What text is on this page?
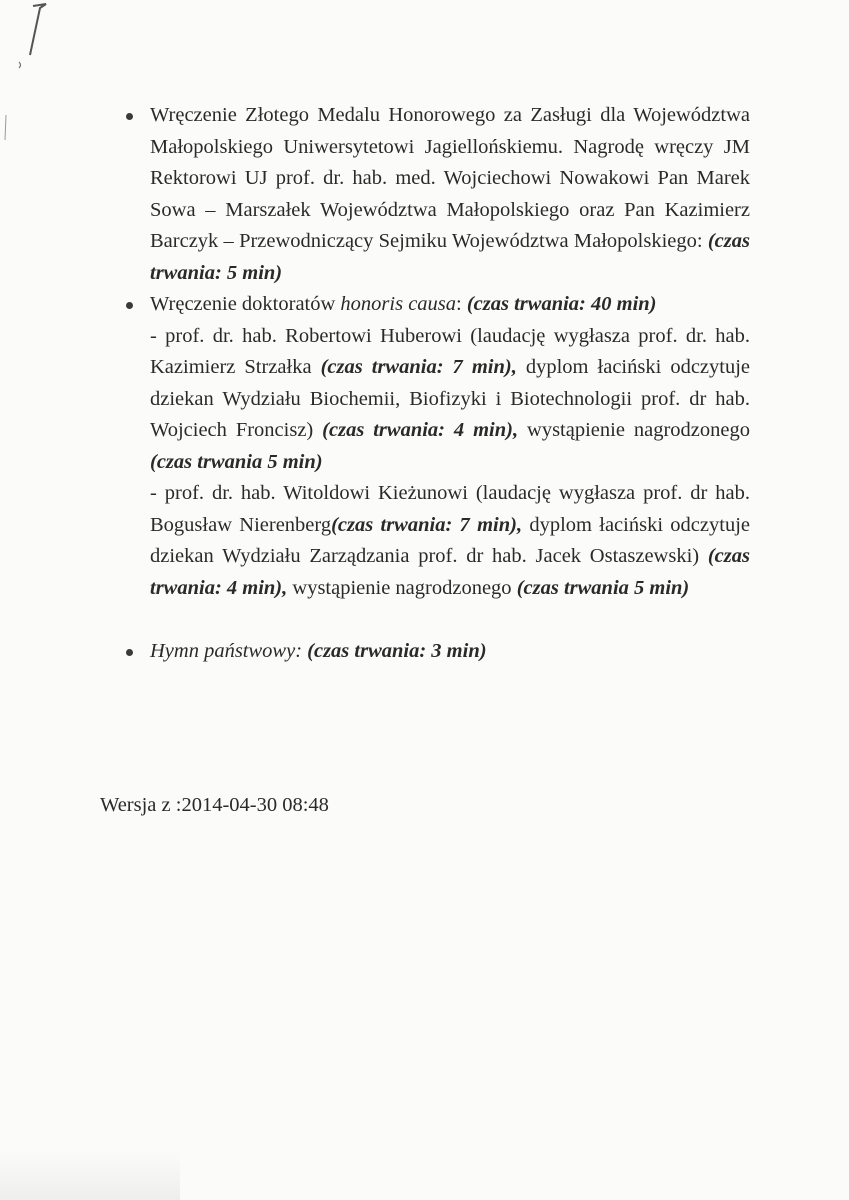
Wręczenie Złotego Medalu Honorowego za Zasługi dla Województwa Małopolskiego Uniwersytetowi Jagiellońskiemu. Nagrodę wręczy JM Rektorowi UJ prof. dr. hab. med. Wojciechowi Nowakowi Pan Marek Sowa – Marszałek Województwa Małopolskiego oraz Pan Kazimierz Barczyk – Przewodniczący Sejmiku Województwa Małopolskiego: (czas trwania: 5 min)
Wręczenie doktoratów honoris causa: (czas trwania: 40 min)
- prof. dr. hab. Robertowi Huberowi (laudację wygłasza prof. dr. hab. Kazimierz Strzałka (czas trwania: 7 min), dyplom łaciński odczytuje dziekan Wydziału Biochemii, Biofizyki i Biotechnologii prof. dr hab. Wojciech Froncisz) (czas trwania: 4 min), wystąpienie nagrodzonego (czas trwania 5 min)
- prof. dr. hab. Witoldowi Kieżunowi (laudację wygłasza prof. dr hab. Bogusław Nierenberg(czas trwania: 7 min), dyplom łaciński odczytuje dziekan Wydziału Zarządzania prof. dr hab. Jacek Ostaszewski) (czas trwania: 4 min), wystąpienie nagrodzonego (czas trwania 5 min)
Hymn państwowy: (czas trwania: 3 min)
Wersja z :2014-04-30 08:48
